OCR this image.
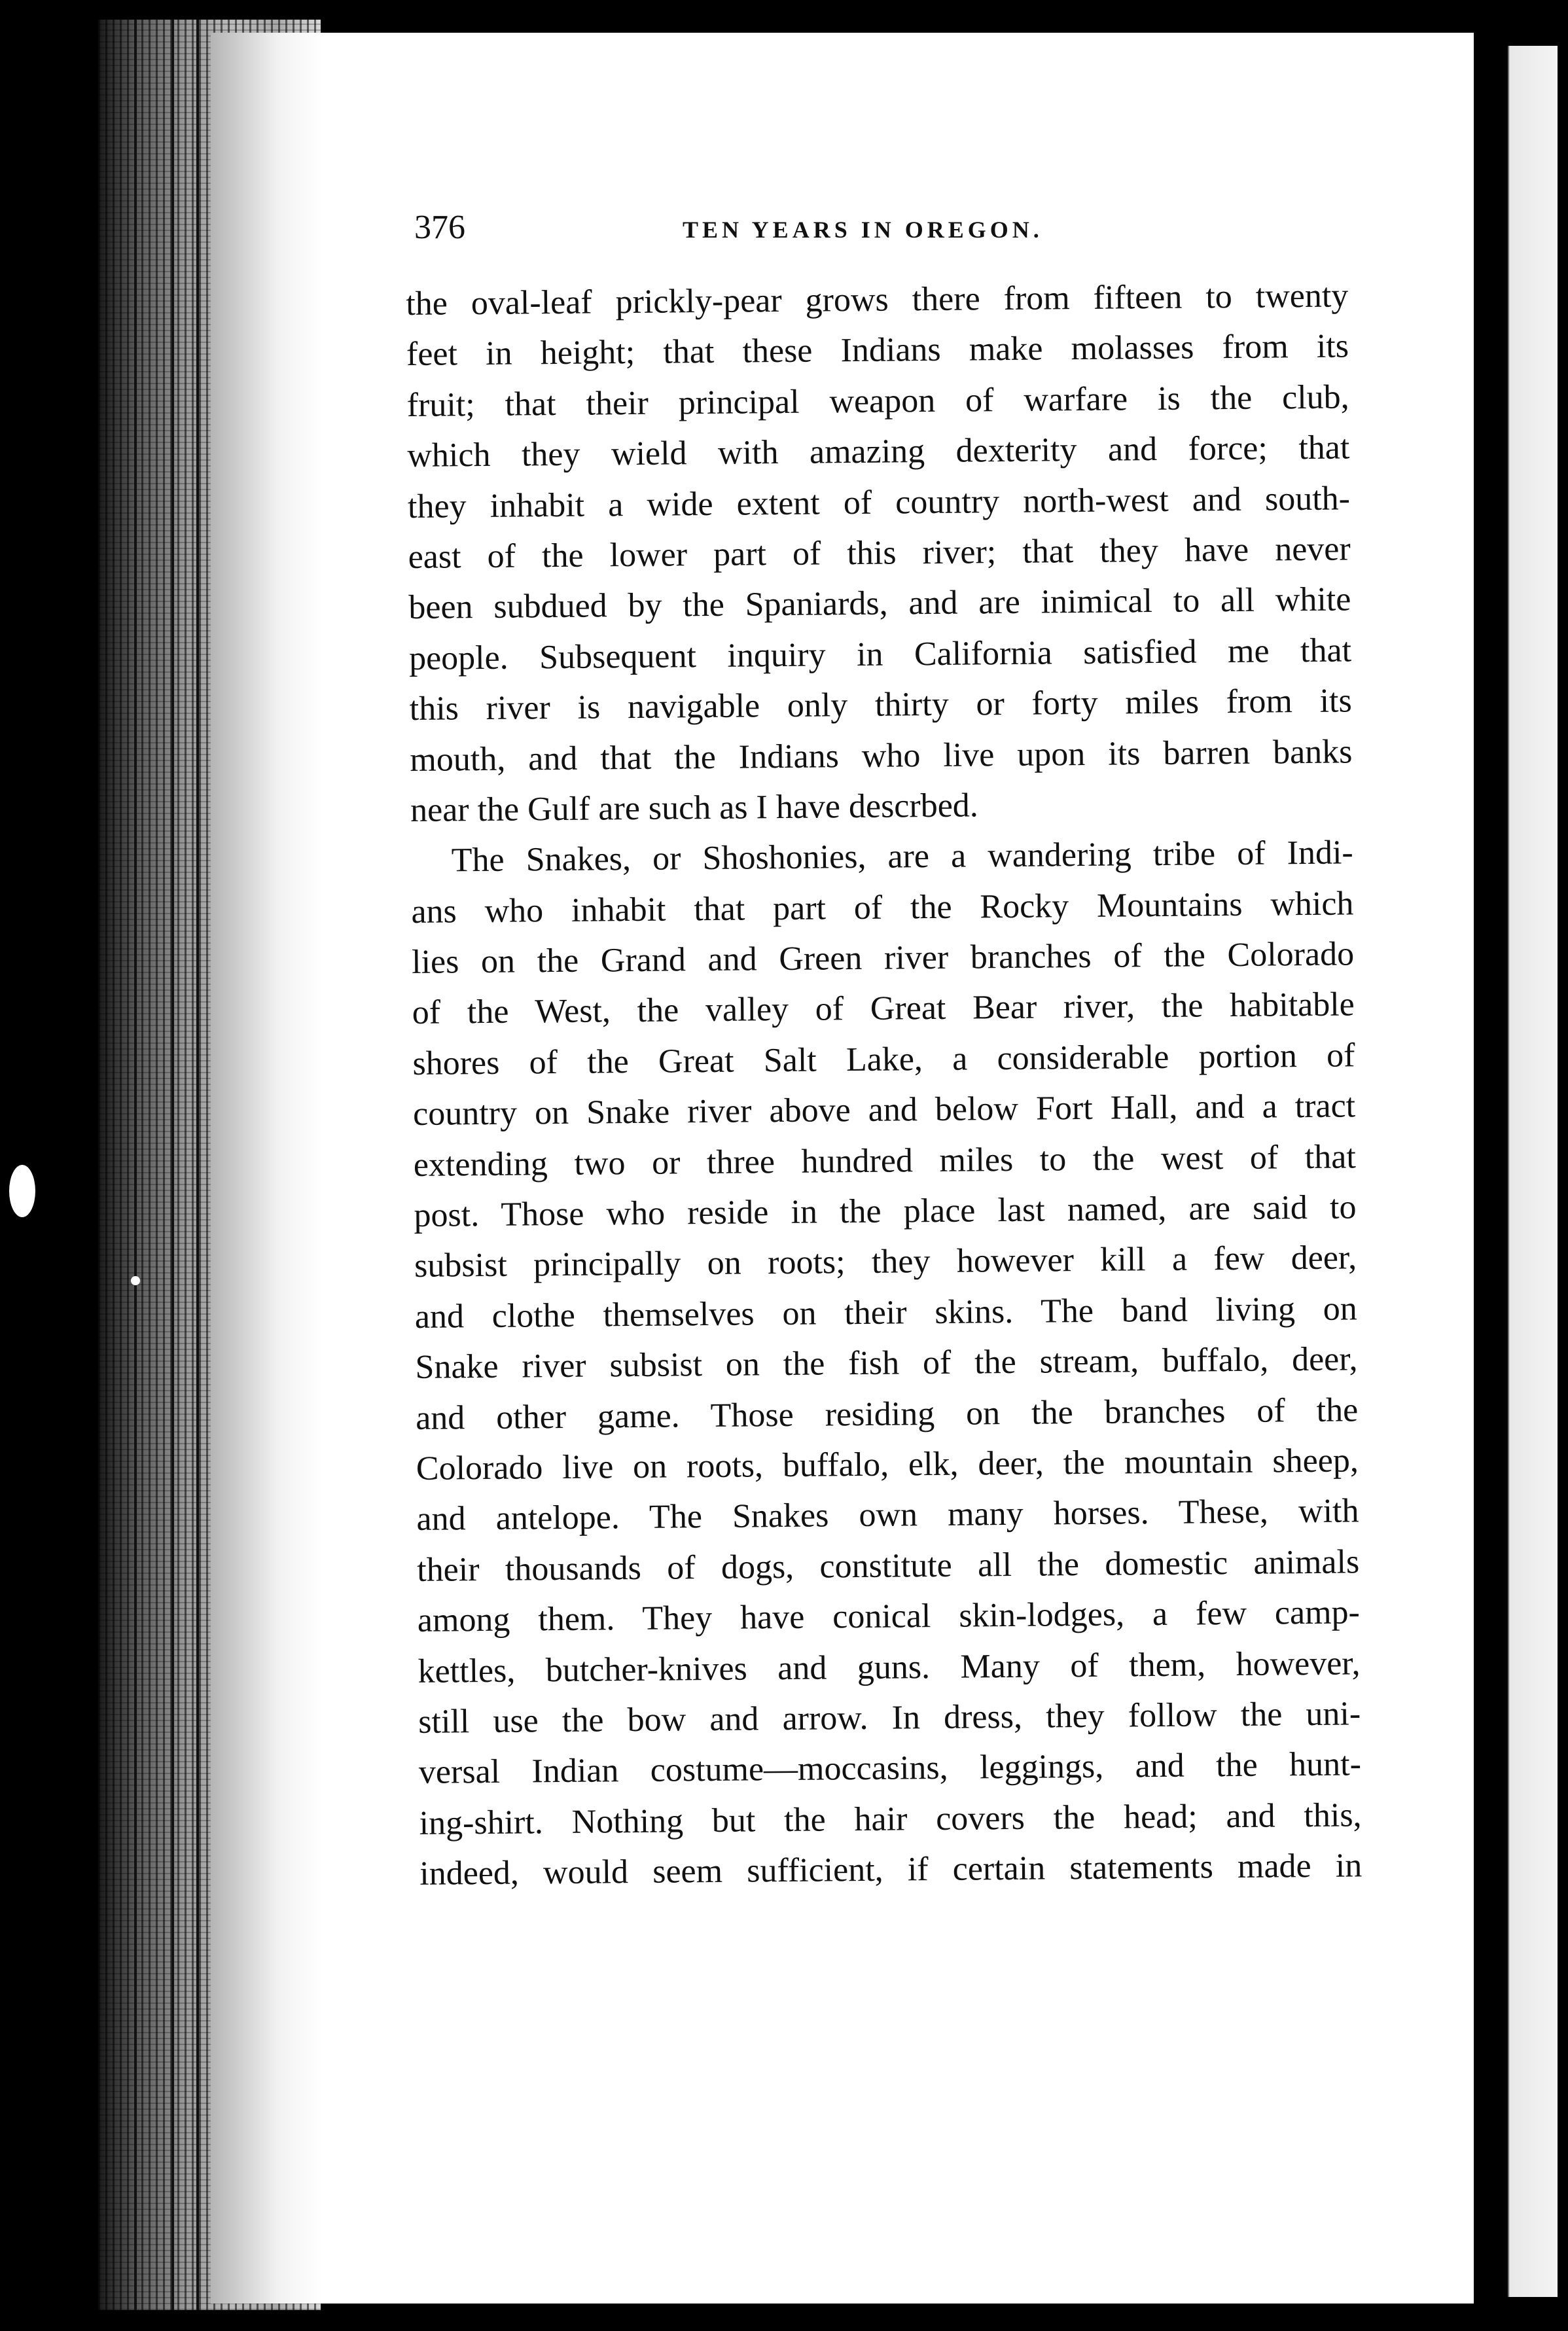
376	TEN YEARS IN OREGON.
the oval-leaf prickly-pear grows there from fifteen to twenty
feet in height; that these Indians make molasses from its
fruit; that their principal weapon of warfare is the club,
which they wield with amazing dexterity and force; that
they inhabit a wide extent of country north-west and south-
east of the lower part of this river; that they have never
been subdued by the Spaniards, and are inimical to all white
people. Subsequent inquiry in California satisfied me that
this river is navigable only thirty or forty miles from its
mouth, and that the Indians who live upon its barren banks
near the Gulf are such as I have descrbed.
The Snakes, or Shoshonies, are a wandering tribe of Indi-
ans who inhabit that part of the Rocky Mountains which
lies on the Grand and Green river branches of the Colorado
of the West, the valley of Great Bear river, the habitable
shores of the Great Salt Lake, a considerable portion of
country on Snake river above and below Fort Hall, and a tract
extending two or three hundred miles to the west of that
post. Those who reside in the place last named, are said to
subsist principally on roots; they however kill a few deer,
and clothe themselves on their skins. The band living on
Snake river subsist on the fish of the stream, buffalo, deer,
and other game. Those residing on the branches of the
Colorado live on roots, buffalo, elk, deer, the mountain sheep,
and antelope. The Snakes own many horses. These, with
their thousands of dogs, constitute all the domestic animals
among them. They have conical skin-lodges, a few camp-
kettles, butcher-knives and guns. Many of them, however,
still use the bow and arrow. In dress, they follow the uni-
versal Indian costume—moccasins, leggings, and the hunt-
ing-shirt. Nothing but the hair covers the head; and this,
indeed, would seem sufficient, if certain statements made in
